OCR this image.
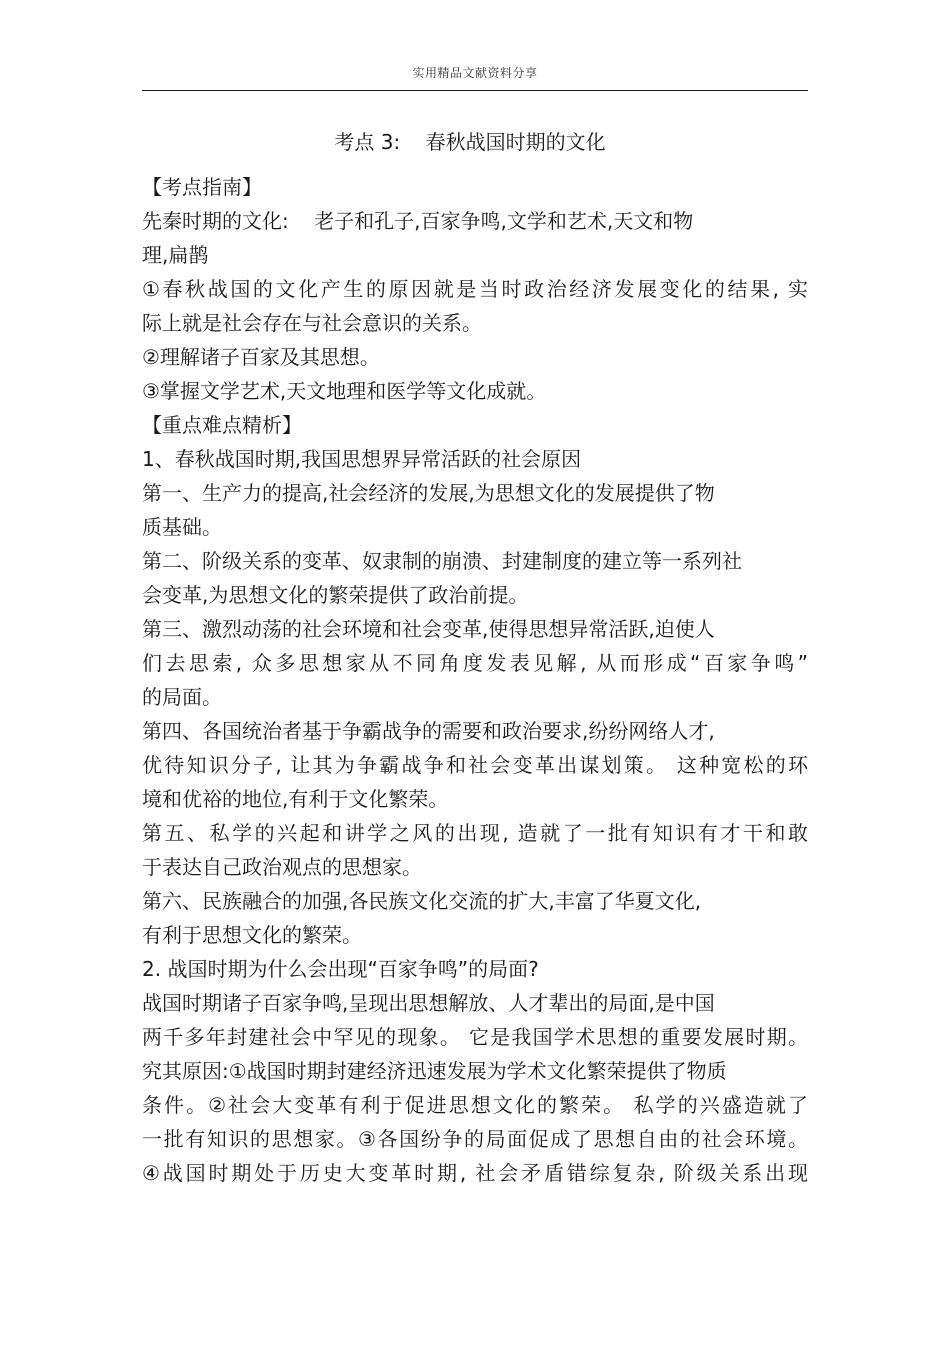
实用精品文献资料分享
考点 3:    春秋战国时期的文化
【考点指南】
先秦时期的文化:    老子和孔子,百家争鸣,文学和艺术,天文和物
理,扁鹊
①春秋战国的文化产生的原因就是当时政治经济发展变化的结果, 实
际上就是社会存在与社会意识的关系。
②理解诸子百家及其思想。
③掌握文学艺术,天文地理和医学等文化成就。
【重点难点精析】
1、春秋战国时期,我国思想界异常活跃的社会原因
第一、生产力的提高,社会经济的发展,为思想文化的发展提供了物
质基础。
第二、阶级关系的变革、奴隶制的崩溃、封建制度的建立等一系列社
会变革,为思想文化的繁荣提供了政治前提。
第三、激烈动荡的社会环境和社会变革,使得思想异常活跃,迫使人
们去思索, 众多思想家从不同角度发表见解, 从而形成“百家争鸣”
的局面。
第四、各国统治者基于争霸战争的需要和政治要求,纷纷网络人才,
优待知识分子, 让其为争霸战争和社会变革出谋划策。 这种宽松的环
境和优裕的地位,有利于文化繁荣。
第五、私学的兴起和讲学之风的出现, 造就了一批有知识有才干和敢
于表达自己政治观点的思想家。
第六、民族融合的加强,各民族文化交流的扩大,丰富了华夏文化,
有利于思想文化的繁荣。
2. 战国时期为什么会出现“百家争鸣”的局面?
战国时期诸子百家争鸣,呈现出思想解放、人才辈出的局面,是中国
两千多年封建社会中罕见的现象。 它是我国学术思想的重要发展时期。
究其原因:①战国时期封建经济迅速发展为学术文化繁荣提供了物质
条件。②社会大变革有利于促进思想文化的繁荣。 私学的兴盛造就了
一批有知识的思想家。③各国纷争的局面促成了思想自由的社会环境。
④战国时期处于历史大变革时期, 社会矛盾错综复杂, 阶级关系出现
